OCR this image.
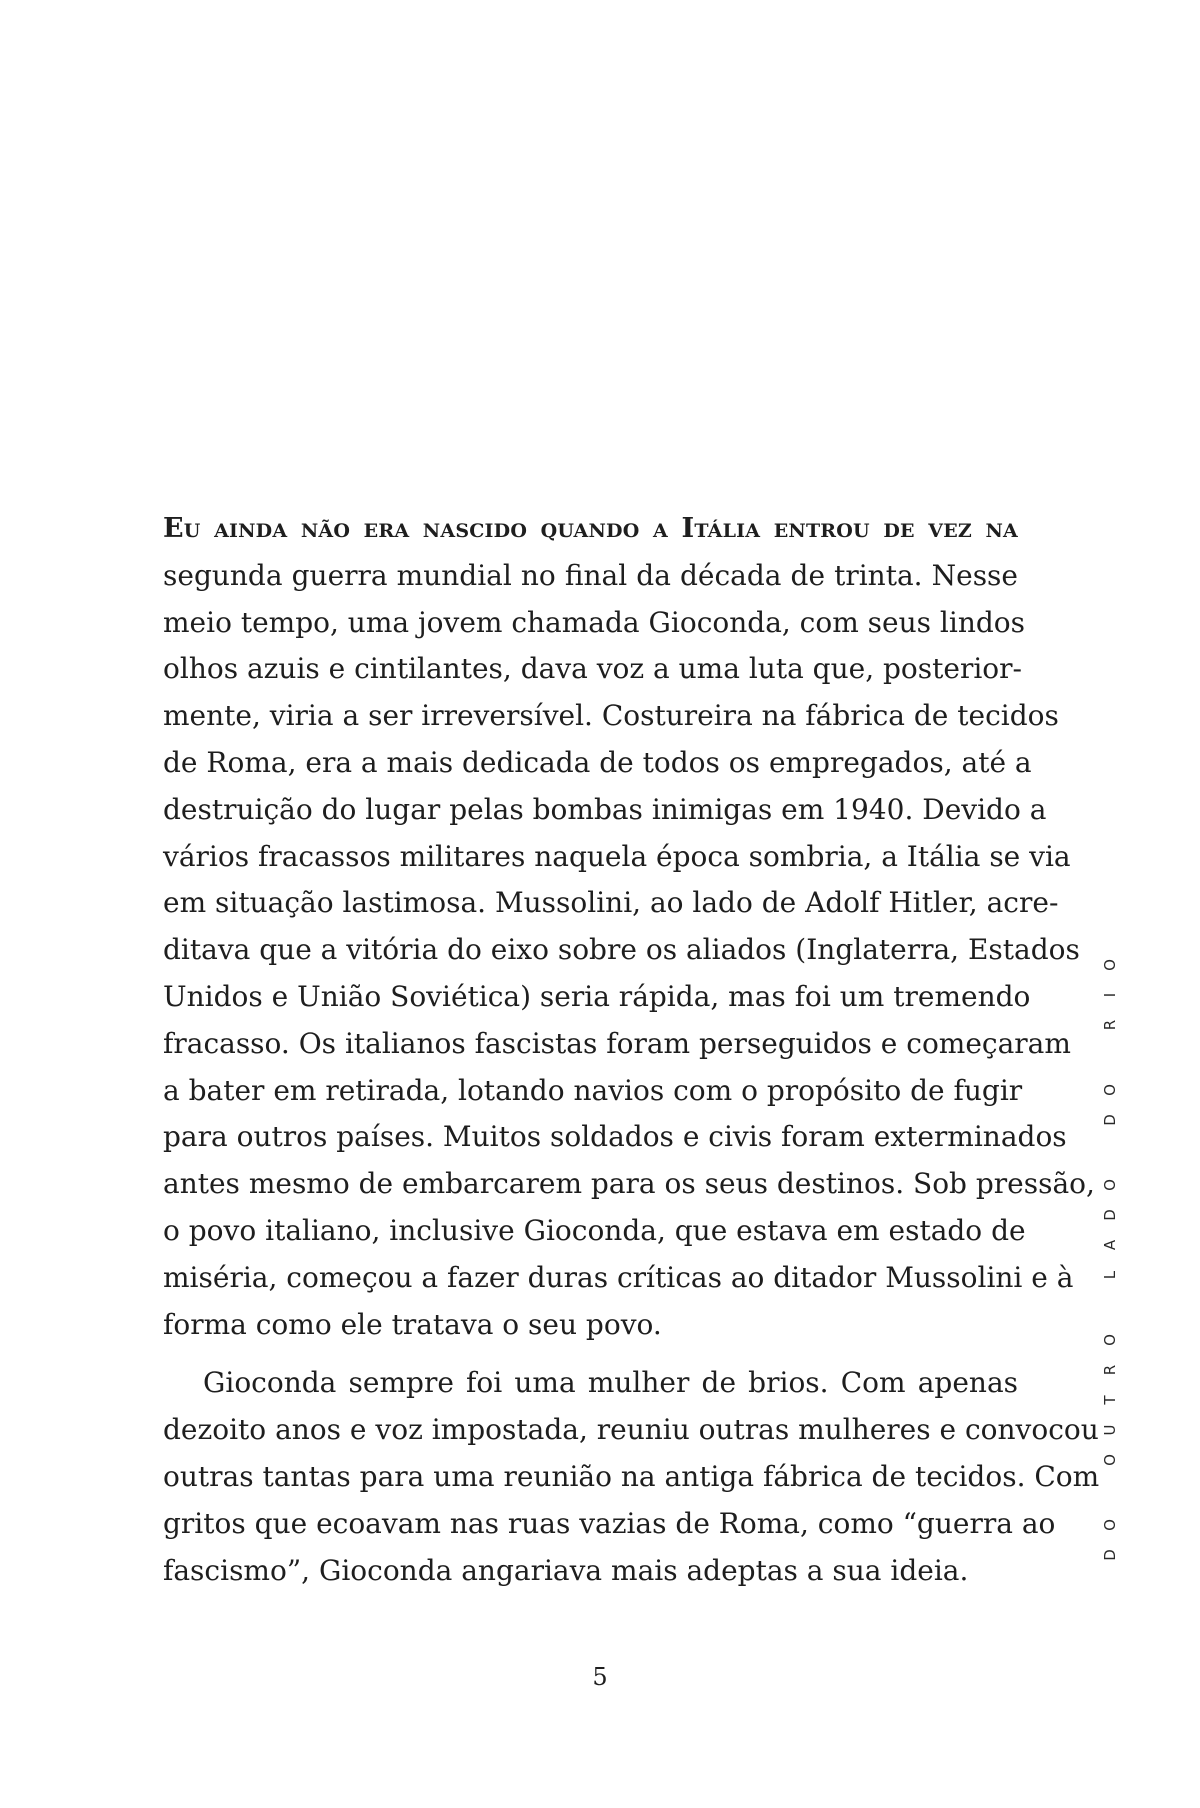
Eu ainda não era nascido quando a Itália entrou de vez na
segunda guerra mundial no final da década de trinta. Nesse
meio tempo, uma jovem chamada Gioconda, com seus lindos
olhos azuis e cintilantes, dava voz a uma luta que, posterior-
mente, viria a ser irreversível. Costureira na fábrica de tecidos
de Roma, era a mais dedicada de todos os empregados, até a
destruição do lugar pelas bombas inimigas em 1940. Devido a
vários fracassos militares naquela época sombria, a Itália se via
em situação lastimosa. Mussolini, ao lado de Adolf Hitler, acre-
ditava que a vitória do eixo sobre os aliados (Inglaterra, Estados
Unidos e União Soviética) seria rápida, mas foi um tremendo
fracasso. Os italianos fascistas foram perseguidos e começaram
a bater em retirada, lotando navios com o propósito de fugir
para outros países. Muitos soldados e civis foram exterminados
antes mesmo de embarcarem para os seus destinos. Sob pressão,
o povo italiano, inclusive Gioconda, que estava em estado de
miséria, começou a fazer duras críticas ao ditador Mussolini e à
forma como ele tratava o seu povo.

Gioconda sempre foi uma mulher de brios. Com apenas
dezoito anos e voz impostada, reuniu outras mulheres e convocou
outras tantas para uma reunião na antiga fábrica de tecidos. Com
gritos que ecoavam nas ruas vazias de Roma, como “guerra ao
fascismo”, Gioconda angariava mais adeptas a sua ideia.

O
I
R
O
D
O
D
A
L
O
R
T
U
O
O
D
5
